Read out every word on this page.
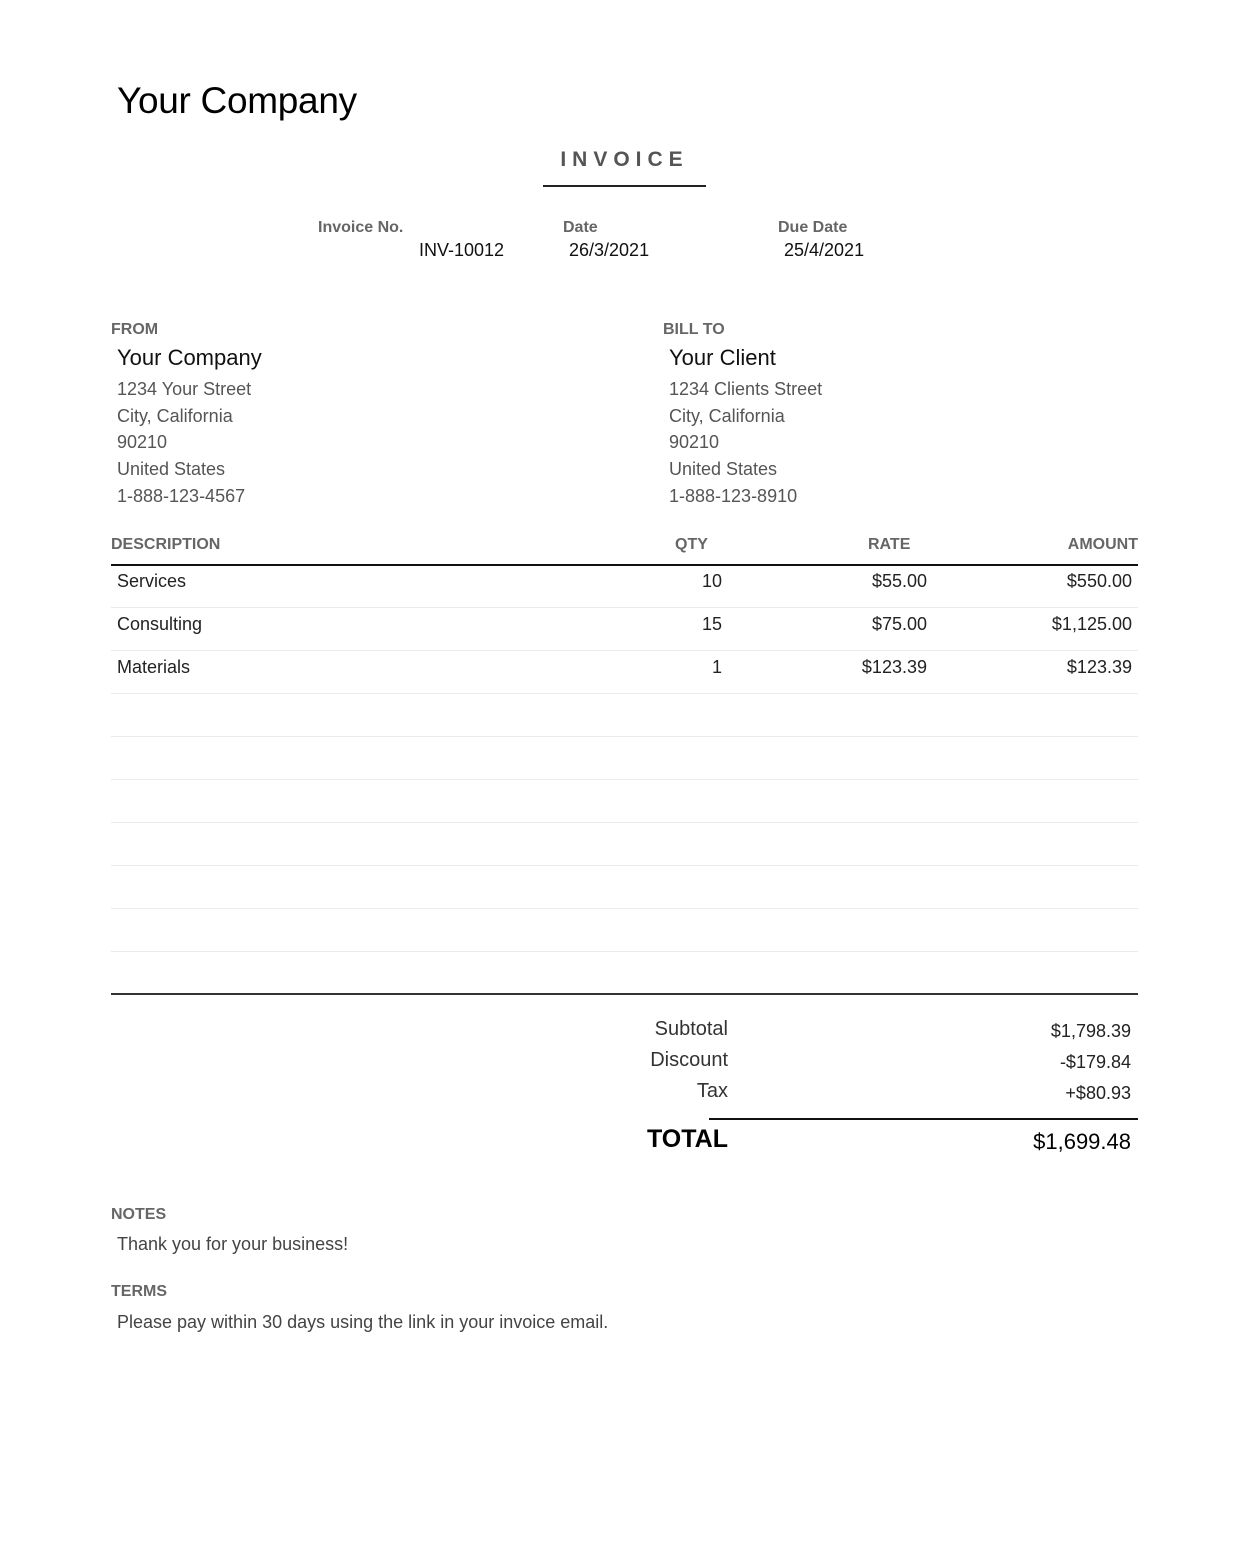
Your Company
INVOICE
Invoice No.
INV-10012
Date
26/3/2021
Due Date
25/4/2021
FROM
Your Company
1234 Your Street
City, California
90210
United States
1-888-123-4567
BILL TO
Your Client
1234 Clients Street
City, California
90210
United States
1-888-123-8910
DESCRIPTION	QTY	RATE	AMOUNT
Services	10	$55.00	$550.00
Consulting	15	$75.00	$1,125.00
Materials	1	$123.39	$123.39
Subtotal	$1,798.39
Discount	-$179.84
Tax	+$80.93
TOTAL	$1,699.48
NOTES
Thank you for your business!
TERMS
Please pay within 30 days using the link in your invoice email.
